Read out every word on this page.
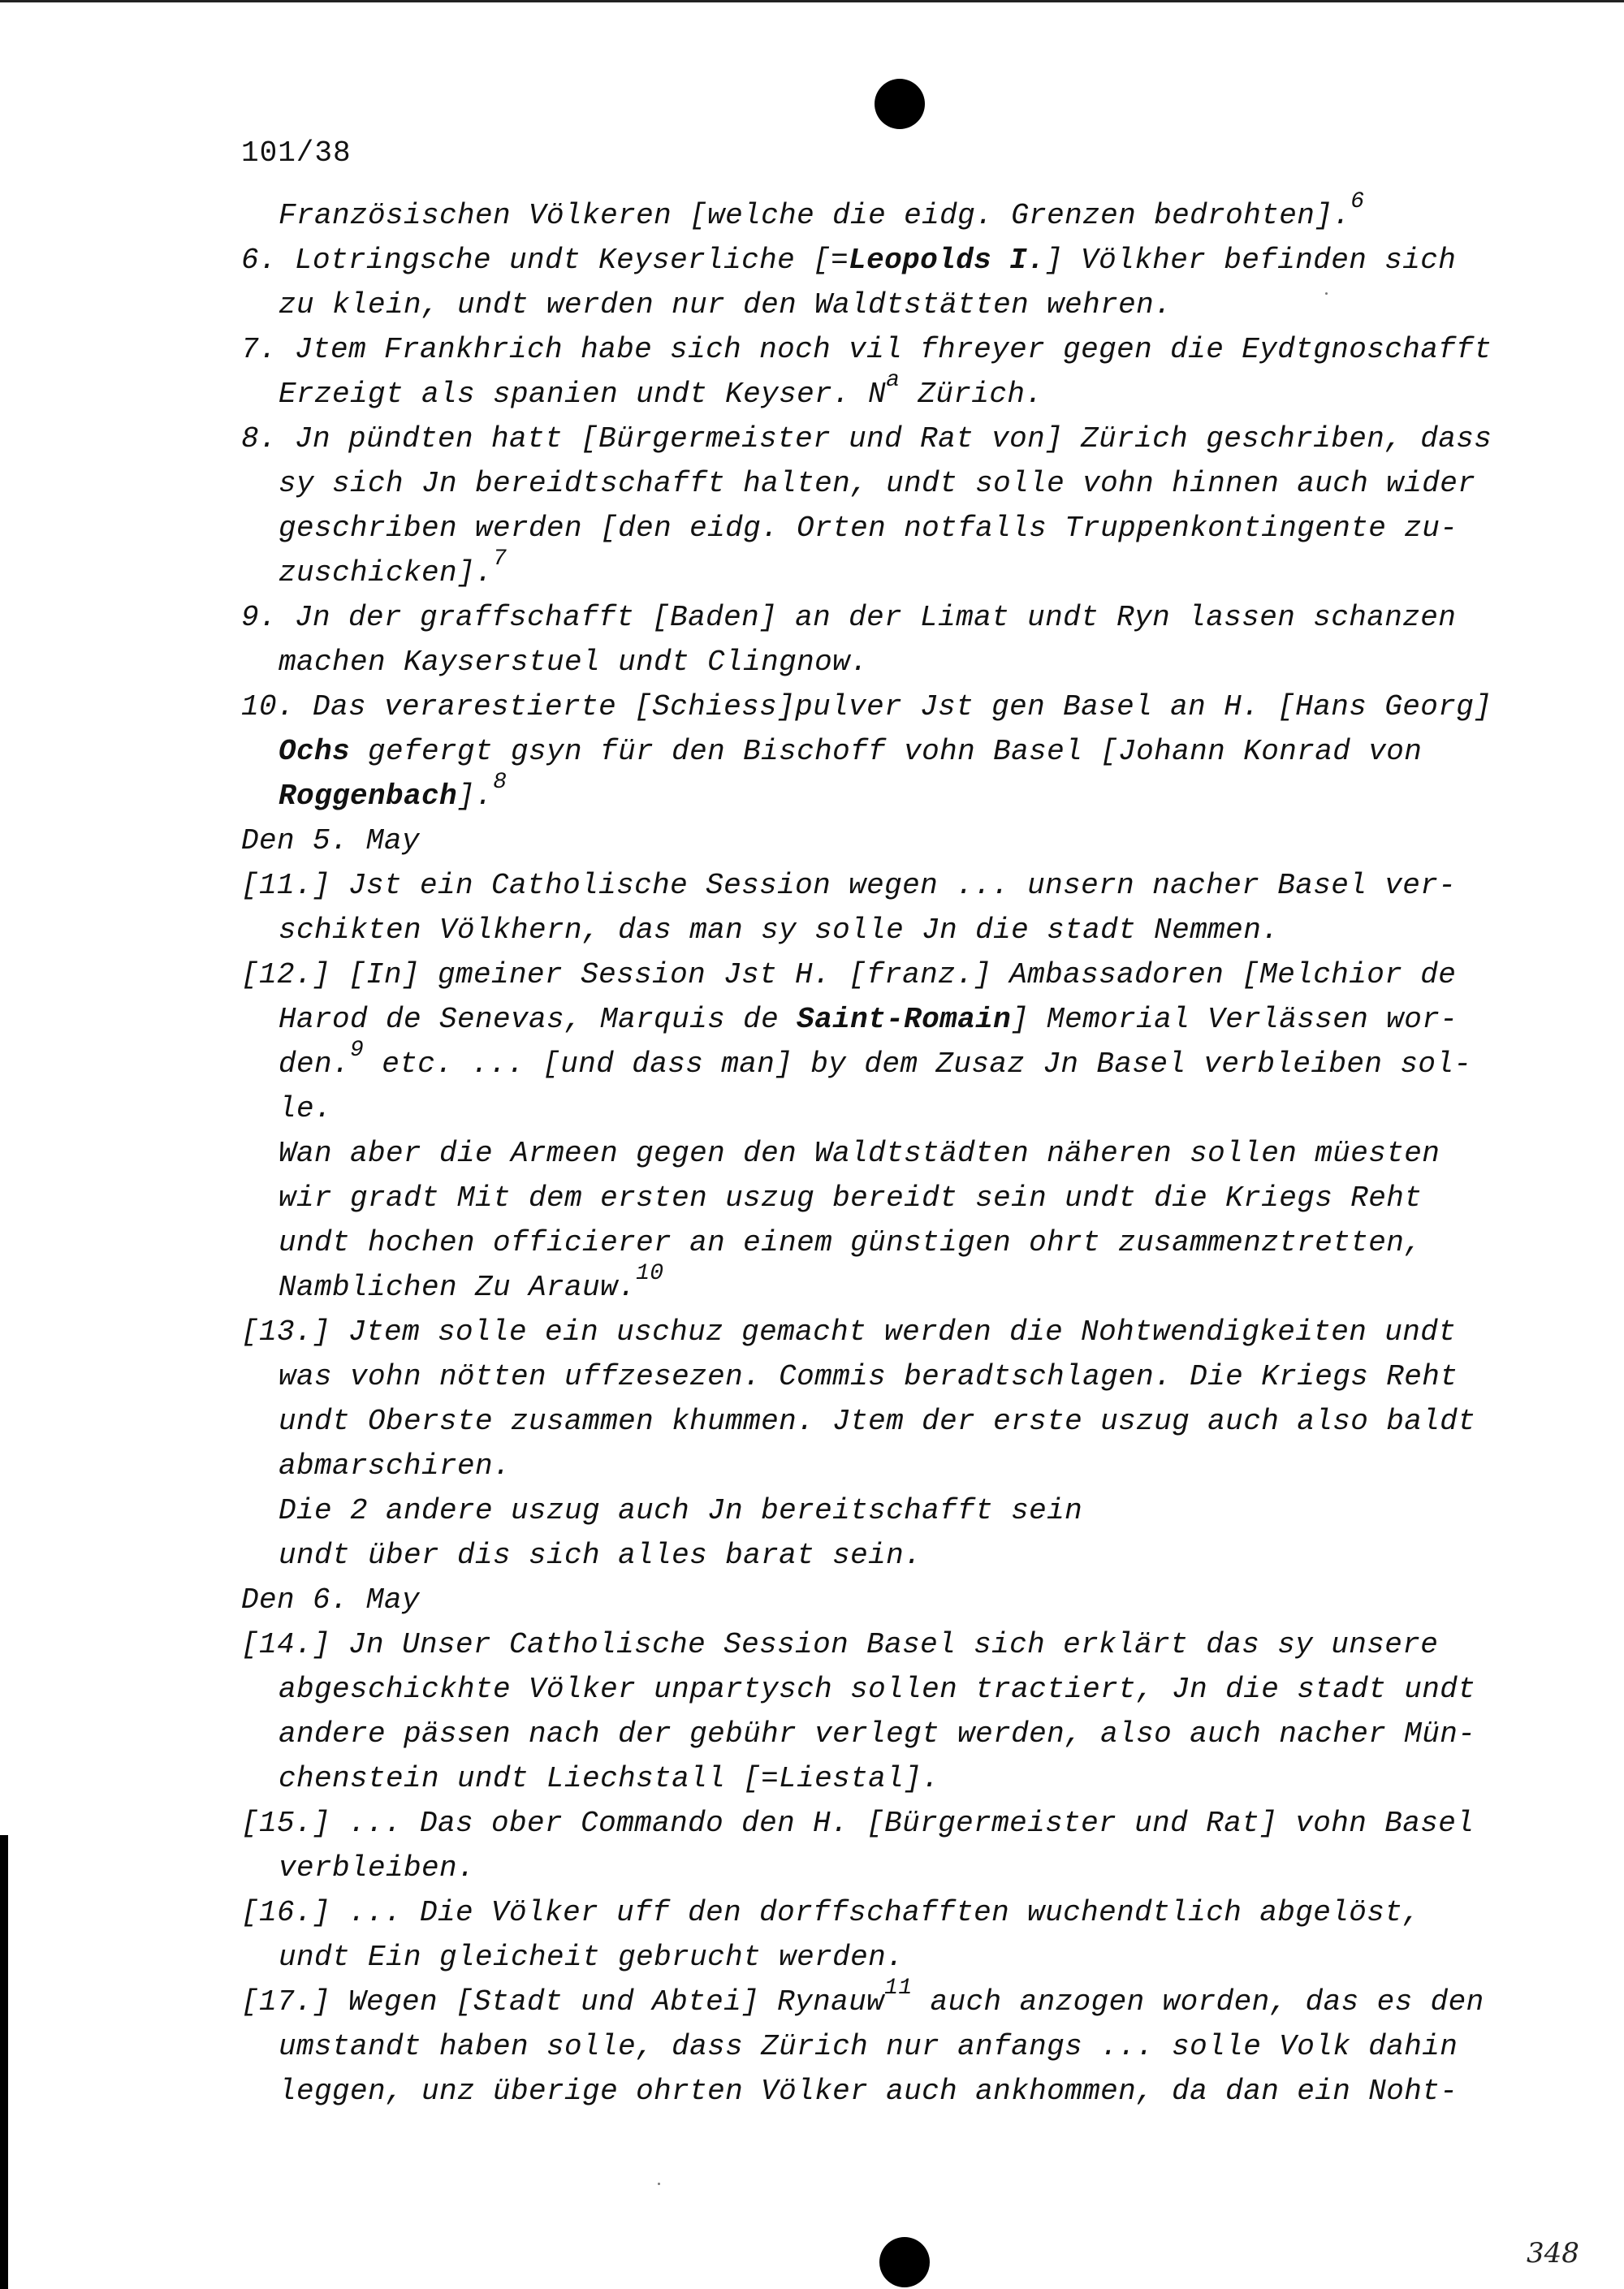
101/38

Französischen Völkeren [welche die eidg. Grenzen bedrohten].$^6$

6. Lotringsche undt Keyserliche [=Leopolds I.] Völkher befinden sich zu klein, undt werden nur den Waldtstätten wehren.

7. Jtem Frankhrich habe sich noch vil fhreyer gegen die Eydtgnoschafft Erzeigt als spanien undt Keyser. $N^a$ Zürich.

8. Jn pündten hatt [Bürgermeister und Rat von] Zürich geschriben, dass sy sich Jn bereidtschafft halten, undt solle vohn hinnen auch wider geschriben werden [den eidg. Orten notfalls Truppenkontingente zu-zuschicken].$^7$

9. Jn der graffschafft [Baden] an der Limat undt Ryn lassen schanzen machen Kayserstuel undt Clingnow.

10. Das verarestierte [Schiess]pulver Jst gen Basel an H. [Hans Georg] Ochs gefergt gsyn für den Bischoff vohn Basel [Johann Konrad von Roggenbach].$^8$

Den 5. May

[11.] Jst ein Catholische Session wegen ... unsern nacher Basel ver-schikten Völkhern, das man sy solle Jn die stadt Nemmen.

[12.] [In] gmeiner Session Jst H. [franz.] Ambassadoren [Melchior de Harod de Senevas, Marquis de Saint-Romain] Memorial Verlässen wor-den.$^9$ etc. ... [und dass man] by dem Zusaz Jn Basel verbleiben sol-le.

Wan aber die Armeen gegen den Waldtstädten näheren sollen müesten wir gradt Mit dem ersten uszug bereidt sein undt die Kriegs Reht undt hochen officierer an einem günstigen ohrt zusammenztretten, Namblichen Zu Arauw.$^{10}$

[13.] Jtem solle ein uschuz gemacht werden die Nohtwendigkeiten undt was vohn nötten uffzesezen. Commis beradtschlagen. Die Kriegs Reht undt Oberste zusammen khummen. Jtem der erste uszug auch also baldt abmarschiren.

Die 2 andere uszug auch Jn bereitschafft sein

undt über dis sich alles barat sein.

Den 6. May

[14.] Jn Unser Catholische Session Basel sich erklärt das sy unsere abgeschickhte Völker unpartysch sollen tractiert, Jn die stadt undt andere pässen nach der gebühr verlegt werden, also auch nacher Mün-chenstein undt Liechstall [=Liestal].

[15.] ... Das ober Commando den H. [Bürgermeister und Rat] vohn Basel verbleiben.

[16.] ... Die Völker uff den dorffschafften wuchendtlich abgelöst, undt Ein gleicheit gebrucht werden.

[17.] Wegen [Stadt und Abtei] Rynauw$^{11}$ auch anzogen worden, das es den umstandt haben solle, dass Zürich nur anfangs ... solle Volk dahin leggen, unz überige ohrten Völker auch ankhommen, da dan ein Noht-

348
